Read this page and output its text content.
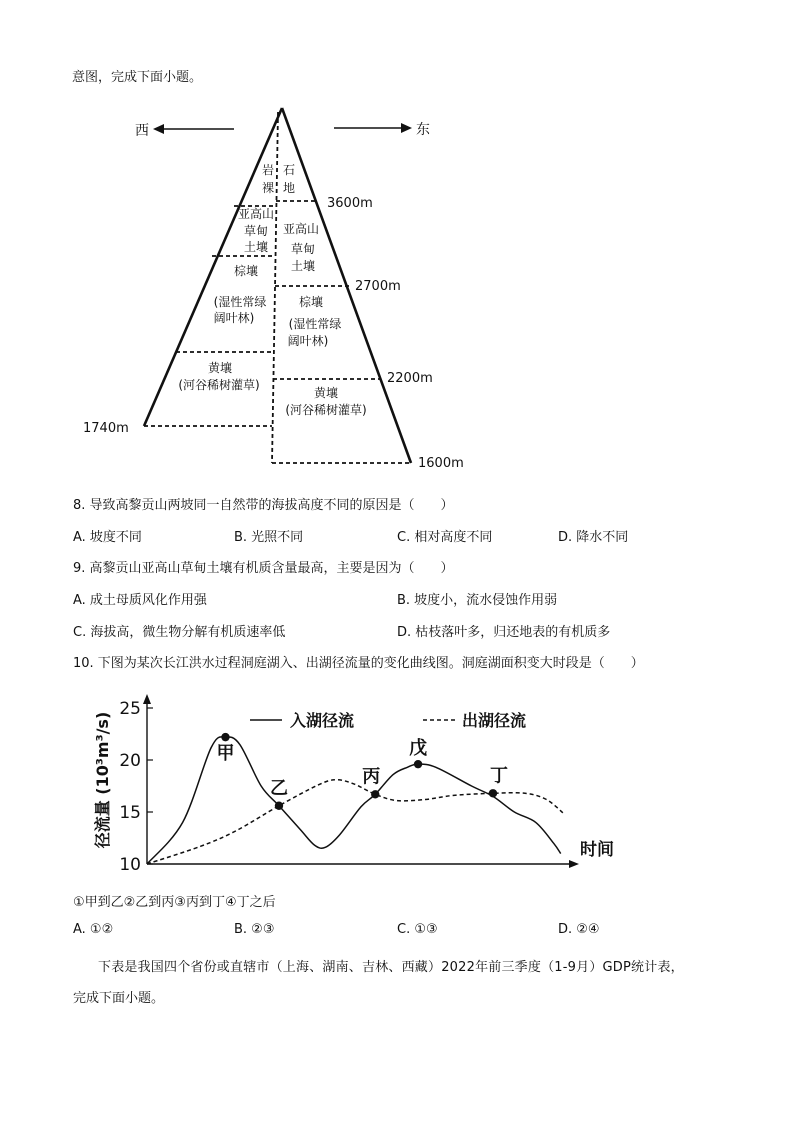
意图，完成下面小题。
西	东
岩
裸
亚高山
草甸
土壤
棕壤
(湿性常绿
阔叶林)
黄壤
(河谷稀树灌草)
石
地
亚高山
草甸
土壤
棕壤
(湿性常绿
阔叶林)
黄壤
(河谷稀树灌草)
3600m
2700m
2200m
1740m
1600m
8. 导致高黎贡山两坡同一自然带的海拔高度不同的原因是（　　）
A. 坡度不同	B. 光照不同	C. 相对高度不同	D. 降水不同
9. 高黎贡山亚高山草甸土壤有机质含量最高，主要是因为（　　）
A. 成土母质风化作用强	B. 坡度小，流水侵蚀作用弱
C. 海拔高，微生物分解有机质速率低	D. 枯枝落叶多，归还地表的有机质多
10. 下图为某次长江洪水过程洞庭湖入、出湖径流量的变化曲线图。洞庭湖面积变大时段是（　　）
25
20
15
10
径流量 (10³m³/s)
时间
入湖径流	出湖径流
甲
乙
丙
戊
丁
①甲到乙②乙到丙③丙到丁④丁之后
A. ①②	B. ②③	C. ①③	D. ②④
下表是我国四个省份或直辖市（上海、湖南、吉林、西藏）2022年前三季度（1-9月）GDP统计表，
完成下面小题。
